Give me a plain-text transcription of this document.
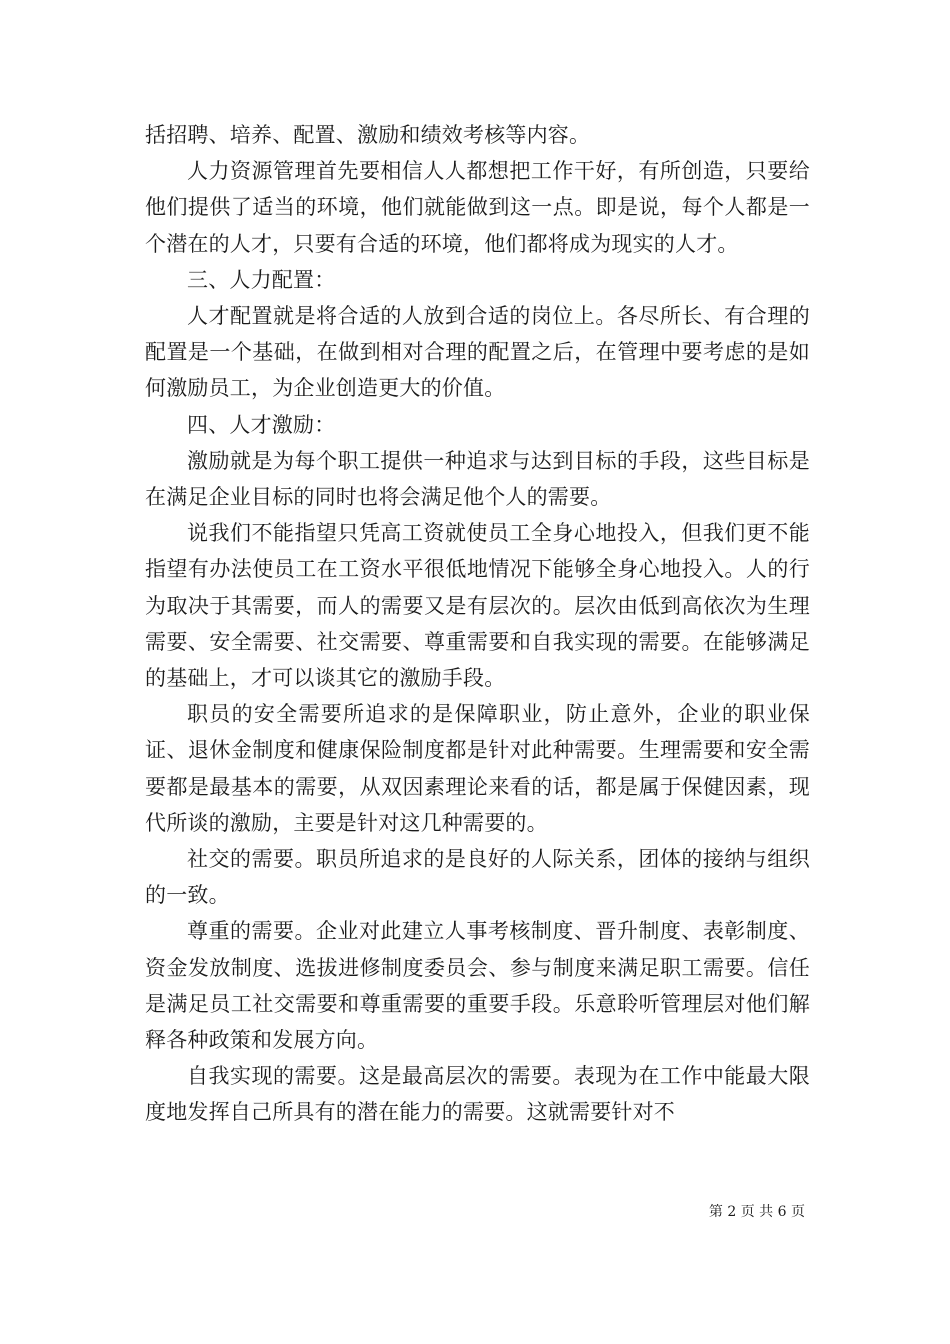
括招聘、培养、配置、激励和绩效考核等内容。

人力资源管理首先要相信人人都想把工作干好，有所创造，只要给他们提供了适当的环境，他们就能做到这一点。即是说，每个人都是一个潜在的人才，只要有合适的环境，他们都将成为现实的人才。

三、人力配置：

人才配置就是将合适的人放到合适的岗位上。各尽所长、有合理的配置是一个基础，在做到相对合理的配置之后，在管理中要考虑的是如何激励员工，为企业创造更大的价值。

四、人才激励：

激励就是为每个职工提供一种追求与达到目标的手段，这些目标是在满足企业目标的同时也将会满足他个人的需要。

说我们不能指望只凭高工资就使员工全身心地投入，但我们更不能指望有办法使员工在工资水平很低地情况下能够全身心地投入。人的行为取决于其需要，而人的需要又是有层次的。层次由低到高依次为生理需要、安全需要、社交需要、尊重需要和自我实现的需要。在能够满足的基础上，才可以谈其它的激励手段。

职员的安全需要所追求的是保障职业，防止意外，企业的职业保证、退休金制度和健康保险制度都是针对此种需要。生理需要和安全需要都是最基本的需要，从双因素理论来看的话，都是属于保健因素，现代所谈的激励，主要是针对这几种需要的。

社交的需要。职员所追求的是良好的人际关系，团体的接纳与组织的一致。

尊重的需要。企业对此建立人事考核制度、晋升制度、表彰制度、资金发放制度、选拔进修制度委员会、参与制度来满足职工需要。信任是满足员工社交需要和尊重需要的重要手段。乐意聆听管理层对他们解释各种政策和发展方向。

自我实现的需要。这是最高层次的需要。表现为在工作中能最大限度地发挥自己所具有的潜在能力的需要。这就需要针对不

第 2 页 共 6 页
